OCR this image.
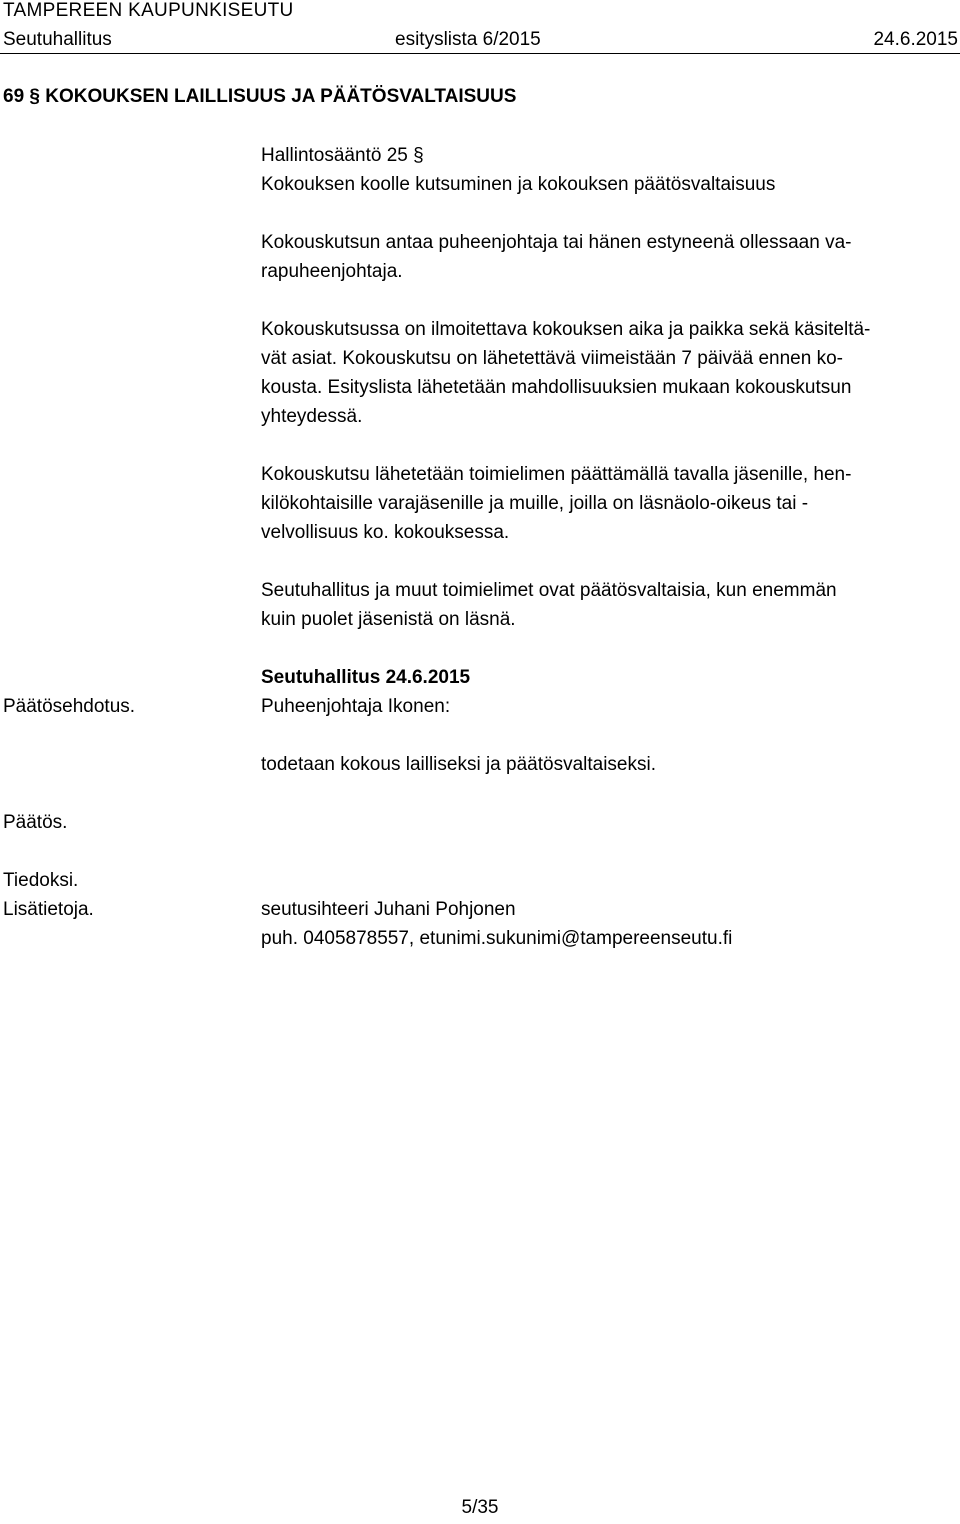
TAMPEREEN KAUPUNKISEUTU
Seutuhallitus	esityslista 6/2015	24.6.2015
69 § KOKOUKSEN LAILLISUUS JA PÄÄTÖSVALTAISUUS

Hallintosääntö 25 §

Kokouksen koolle kutsuminen ja kokouksen päätösvaltaisuus

Kokouskutsun antaa puheenjohtaja tai hänen estyneenä ollessaan va-

rapuheenjohtaja.

Kokouskutsussa on ilmoitettava kokouksen aika ja paikka sekä käsiteltä-

vät asiat. Kokouskutsu on lähetettävä viimeistään 7 päivää ennen ko-

kousta. Esityslista lähetetään mahdollisuuksien mukaan kokouskutsun

yhteydessä.

Kokouskutsu lähetetään toimielimen päättämällä tavalla jäsenille, hen-

kilökohtaisille varajäsenille ja muille, joilla on läsnäolo-oikeus tai -

velvollisuus ko. kokouksessa.

Seutuhallitus ja muut toimielimet ovat päätösvaltaisia, kun enemmän

kuin puolet jäsenistä on läsnä.

Seutuhallitus 24.6.2015
Päätösehdotus.	Puheenjohtaja Ikonen:
todetaan kokous lailliseksi ja päätösvaltaiseksi.
Päätös.
Tiedoksi.
Lisätietoja.	seutusihteeri Juhani Pohjonen
puh. 0405878557, etunimi.sukunimi@tampereenseutu.fi
5/35
